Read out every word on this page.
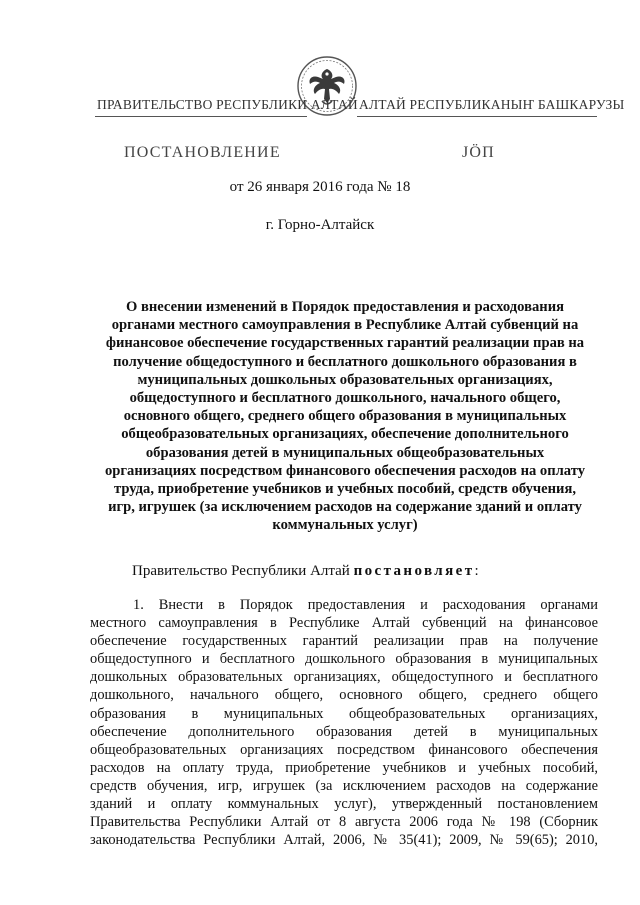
ПРАВИТЕЛЬСТВО РЕСПУБЛИКИ АЛТАЙ АЛТАЙ РЕСПУБЛИКАНЫҤ БАШКАРУЗЫ
ПОСТАНОВЛЕНИЕ	ЈӦП
от 26 января 2016 года № 18
г. Горно-Алтайск
О внесении изменений в Порядок предоставления и расходования
органами местного самоуправления в Республике Алтай субвенций на
финансовое обеспечение государственных гарантий реализации прав на
получение общедоступного и бесплатного дошкольного образования в
муниципальных дошкольных образовательных организациях,
общедоступного и бесплатного дошкольного, начального общего,
основного общего, среднего общего образования в муниципальных
общеобразовательных организациях, обеспечение дополнительного
образования детей в муниципальных общеобразовательных
организациях посредством финансового обеспечения расходов на оплату
труда, приобретение учебников и учебных пособий, средств обучения,
игр, игрушек (за исключением расходов на содержание зданий и оплату
коммунальных услуг)
Правительство Республики Алтай постановляет:
1. Внести в Порядок предоставления и расходования органами
местного самоуправления в Республике Алтай субвенций на финансовое
обеспечение государственных гарантий реализации прав на получение
общедоступного и бесплатного дошкольного образования в муниципальных
дошкольных образовательных организациях, общедоступного и бесплатного
дошкольного, начального общего, основного общего, среднего общего
образования в муниципальных общеобразовательных организациях,
обеспечение дополнительного образования детей в муниципальных
общеобразовательных организациях посредством финансового обеспечения
расходов на оплату труда, приобретение учебников и учебных пособий,
средств обучения, игр, игрушек (за исключением расходов на содержание
зданий и оплату коммунальных услуг), утвержденный постановлением
Правительства Республики Алтай от 8 августа 2006 года № 198 (Сборник
законодательства Республики Алтай, 2006, № 35(41); 2009, № 59(65); 2010,
